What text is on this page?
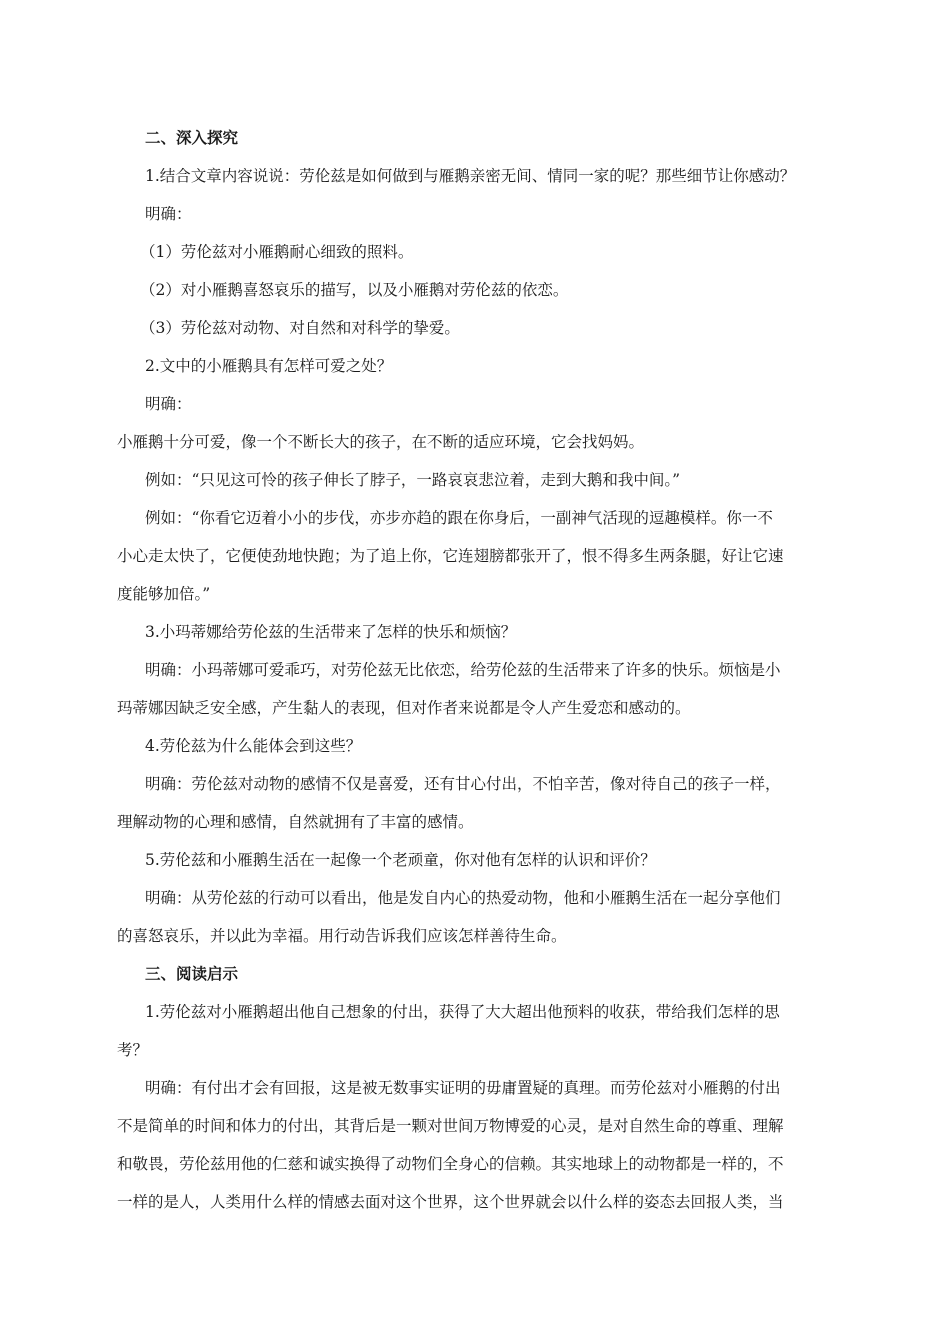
二、深入探究
1.结合文章内容说说：劳伦兹是如何做到与雁鹅亲密无间、情同一家的呢？那些细节让你感动？
明确：
（1）劳伦兹对小雁鹅耐心细致的照料。
（2）对小雁鹅喜怒哀乐的描写，以及小雁鹅对劳伦兹的依恋。
（3）劳伦兹对动物、对自然和对科学的挚爱。
2.文中的小雁鹅具有怎样可爱之处？
明确：
小雁鹅十分可爱，像一个不断长大的孩子，在不断的适应环境，它会找妈妈。
例如：“只见这可怜的孩子伸长了脖子，一路哀哀悲泣着，走到大鹅和我中间。”
例如：“你看它迈着小小的步伐，亦步亦趋的跟在你身后，一副神气活现的逗趣模样。你一不
小心走太快了，它便使劲地快跑；为了追上你，它连翅膀都张开了，恨不得多生两条腿，好让它速
度能够加倍。”
3.小玛蒂娜给劳伦兹的生活带来了怎样的快乐和烦恼？
明确：小玛蒂娜可爱乖巧，对劳伦兹无比依恋，给劳伦兹的生活带来了许多的快乐。烦恼是小
玛蒂娜因缺乏安全感，产生黏人的表现，但对作者来说都是令人产生爱恋和感动的。
4.劳伦兹为什么能体会到这些？
明确：劳伦兹对动物的感情不仅是喜爱，还有甘心付出，不怕辛苦，像对待自己的孩子一样，
理解动物的心理和感情，自然就拥有了丰富的感情。
5.劳伦兹和小雁鹅生活在一起像一个老顽童，你对他有怎样的认识和评价？
明确：从劳伦兹的行动可以看出，他是发自内心的热爱动物，他和小雁鹅生活在一起分享他们
的喜怒哀乐，并以此为幸福。用行动告诉我们应该怎样善待生命。
三、阅读启示
1.劳伦兹对小雁鹅超出他自己想象的付出，获得了大大超出他预料的收获，带给我们怎样的思
考？
明确：有付出才会有回报，这是被无数事实证明的毋庸置疑的真理。而劳伦兹对小雁鹅的付出
不是简单的时间和体力的付出，其背后是一颗对世间万物博爱的心灵，是对自然生命的尊重、理解
和敬畏，劳伦兹用他的仁慈和诚实换得了动物们全身心的信赖。其实地球上的动物都是一样的，不
一样的是人，人类用什么样的情感去面对这个世界，这个世界就会以什么样的姿态去回报人类，当
